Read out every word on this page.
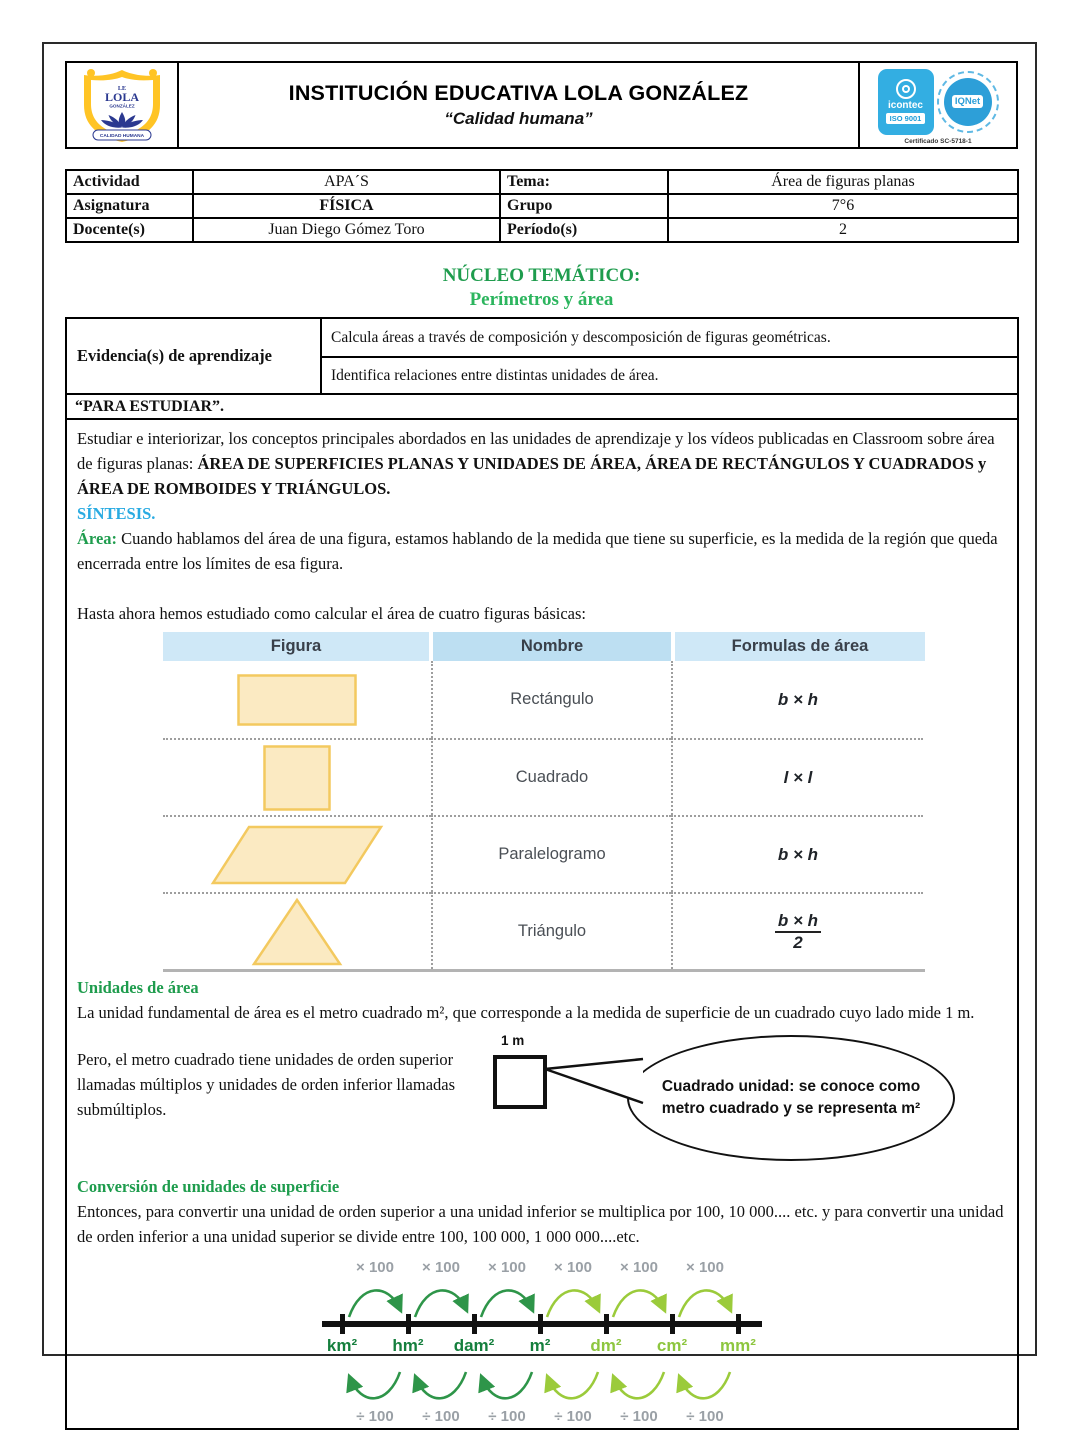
I.E
LOLA
GONZÁLEZ
CALIDAD HUMANA
INSTITUCIÓN EDUCATIVA LOLA GONZÁLEZ
“Calidad humana”
icontec
ISO 9001
IQNet
Certificado SC-5718-1
Actividad	APA´S	Tema:	Área de figuras planas
Asignatura	FÍSICA	Grupo	7°6
Docente(s)	Juan Diego Gómez Toro	Período(s)	2
NÚCLEO TEMÁTICO:
Perímetros y área
Evidencia(s) de aprendizaje
Calcula áreas a través de composición y descomposición de figuras geométricas.
Identifica relaciones entre distintas unidades de área.
“PARA ESTUDIAR”.
Estudiar e interiorizar, los conceptos principales abordados en las unidades de aprendizaje y los vídeos publicadas en Classroom sobre área de figuras planas: ÁREA DE SUPERFICIES PLANAS Y UNIDADES DE ÁREA, ÁREA DE RECTÁNGULOS Y CUADRADOS y ÁREA DE ROMBOIDES Y TRIÁNGULOS.
SÍNTESIS.
Área: Cuando hablamos del área de una figura, estamos hablando de la medida que tiene su superficie, es la medida de la región que queda encerrada entre los límites de esa figura.
Hasta ahora hemos estudiado como calcular el área de cuatro figuras básicas:
Figura	Nombre	Formulas de área
Rectángulo	b × h
Cuadrado	l × l
Paralelogramo	b × h
Triángulo	$\frac{b \times h}{2}$
Unidades de área
La unidad fundamental de área es el metro cuadrado m², que corresponde a la medida de superficie de un cuadrado cuyo lado mide 1 m.

Pero, el metro cuadrado tiene unidades de orden superior llamadas múltiplos y unidades de orden inferior llamadas submúltiplos.

1 m
Cuadrado unidad: se conoce como metro cuadrado y se representa m²
Conversión de unidades de superficie
Entonces, para convertir una unidad de orden superior a una unidad inferior se multiplica por 100, 10 000.... etc. y para convertir una unidad de orden inferior a una unidad superior se divide entre 100, 100 000, 1 000 000....etc.
× 100	× 100	× 100	× 100	× 100	× 100
km²	hm²	dam²	m²	dm²	cm²	mm²
÷ 100	÷ 100	÷ 100	÷ 100	÷ 100	÷ 100
